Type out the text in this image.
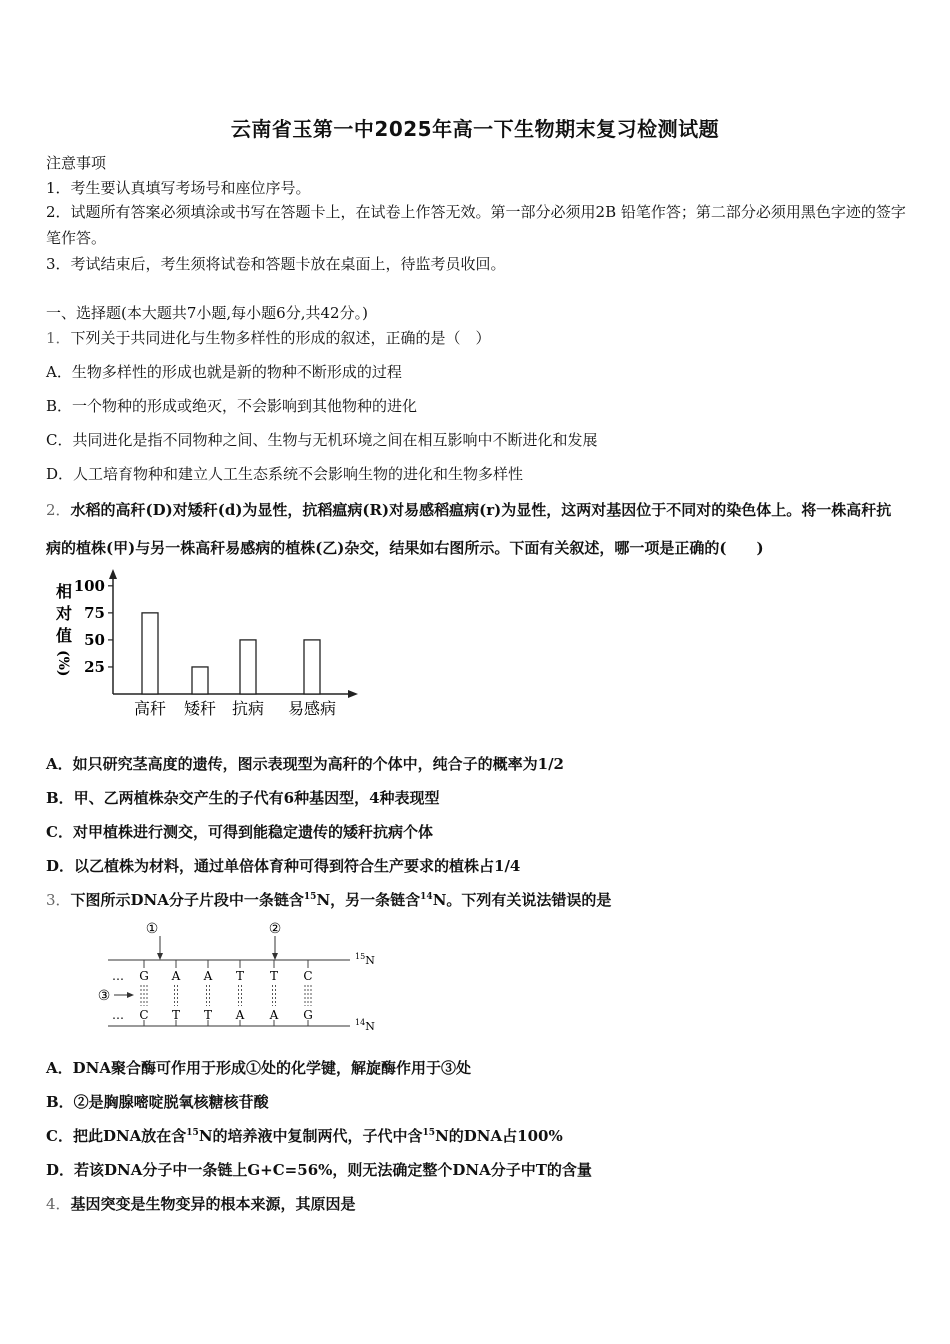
云南省玉第一中2025年高一下生物期末复习检测试题
注意事项
1．考生要认真填写考场号和座位序号。
2．试题所有答案必须填涂或书写在答题卡上，在试卷上作答无效。第一部分必须用2B 铅笔作答；第二部分必须用黑色字迹的签字笔作答。
3．考试结束后，考生须将试卷和答题卡放在桌面上，待监考员收回。
一、选择题(本大题共7小题,每小题6分,共42分。)
1．下列关于共同进化与生物多样性的形成的叙述，正确的是（　）
A．生物多样性的形成也就是新的物种不断形成的过程
B．一个物种的形成或绝灭，不会影响到其他物种的进化
C．共同进化是指不同物种之间、生物与无机环境之间在相互影响中不断进化和发展
D．人工培育物种和建立人工生态系统不会影响生物的进化和生物多样性
2．水稻的高秆(D)对矮秆(d)为显性，抗稻瘟病(R)对易感稻瘟病(r)为显性，这两对基因位于不同对的染色体上。将一株高秆抗病的植株(甲)与另一株高秆易感病的植株(乙)杂交，结果如右图所示。下面有关叙述，哪一项是正确的(　　)
相
对
值
(%)
100
75
50
25
高秆 矮秆 抗病 易感病
A．如只研究茎高度的遗传，图示表现型为高秆的个体中，纯合子的概率为1/2
B．甲、乙两植株杂交产生的子代有6种基因型，4种表现型
C．对甲植株进行测交，可得到能稳定遗传的矮秆抗病个体
D．以乙植株为材料，通过单倍体育种可得到符合生产要求的植株占1/4
3．下图所示DNA分子片段中一条链含$^{15}$N，另一条链含$^{14}$N。下列有关说法错误的是
$^{15}$N
$^{14}$N
①	②
③
…
…
G
C
A
T
A
T
T
A
T
A
C
G
A．DNA聚合酶可作用于形成①处的化学键，解旋酶作用于③处
B．②是胸腺嘧啶脱氧核糖核苷酸
C．把此DNA放在含$^{15}$N的培养液中复制两代，子代中含$^{15}$N的DNA占100%
D．若该DNA分子中一条链上G+C=56%，则无法确定整个DNA分子中T的含量
4．基因突变是生物变异的根本来源，其原因是
